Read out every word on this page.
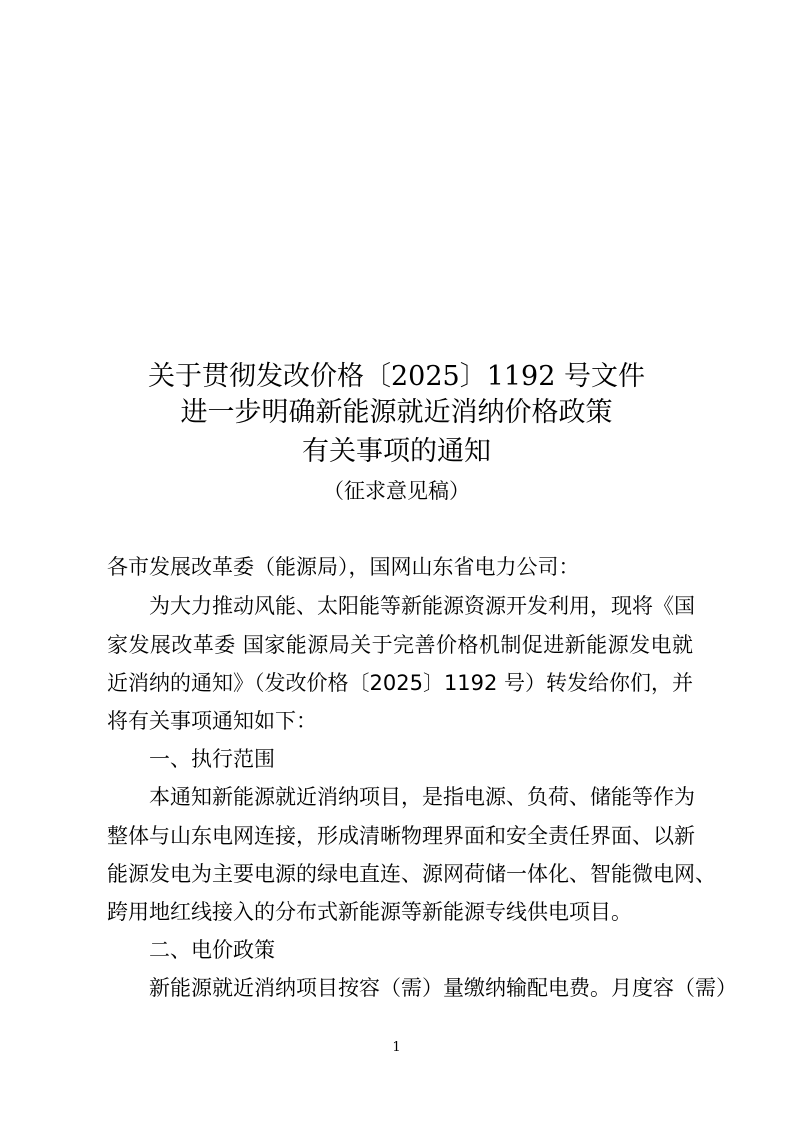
关于贯彻发改价格〔2025〕1192 号文件
进一步明确新能源就近消纳价格政策
有关事项的通知
（征求意见稿）
各市发展改革委（能源局），国网山东省电力公司：
为大力推动风能、太阳能等新能源资源开发利用，现将《国
家发展改革委 国家能源局关于完善价格机制促进新能源发电就
近消纳的通知》（发改价格〔2025〕1192 号）转发给你们，并
将有关事项通知如下：
一、执行范围
本通知新能源就近消纳项目，是指电源、负荷、储能等作为
整体与山东电网连接，形成清晰物理界面和安全责任界面、以新
能源发电为主要电源的绿电直连、源网荷储一体化、智能微电网、
跨用地红线接入的分布式新能源等新能源专线供电项目。
二、电价政策
新能源就近消纳项目按容（需）量缴纳输配电费。月度容（需）
1
